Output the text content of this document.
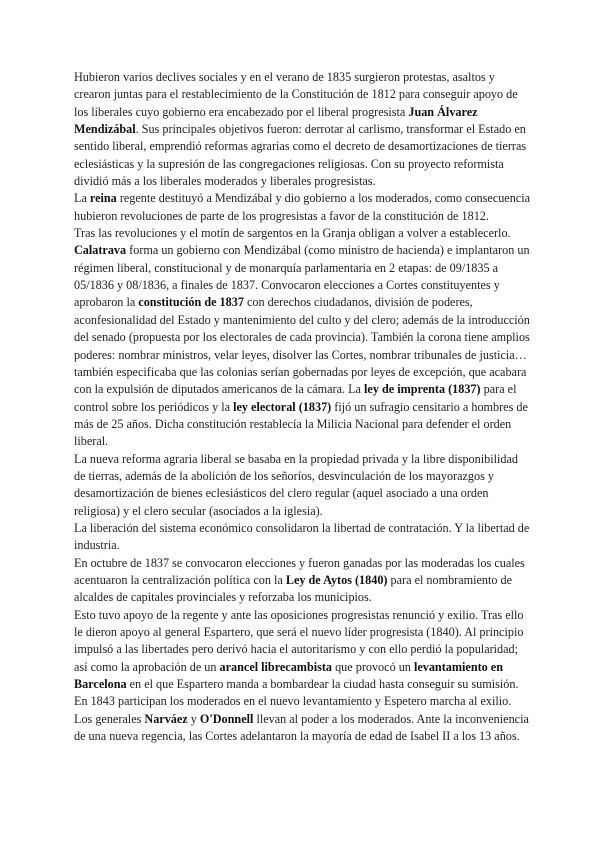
Hubieron varios declives sociales y en el verano de 1835 surgieron protestas, asaltos y crearon juntas para el restablecimiento de la Constitución de 1812 para conseguir apoyo de los liberales cuyo gobierno era encabezado por el liberal progresista Juan Álvarez Mendizábal. Sus principales objetivos fueron: derrotar al carlismo, transformar el Estado en sentido liberal, emprendió reformas agrarias como el decreto de desamortizaciones de tierras eclesiásticas y la supresión de las congregaciones religiosas. Con su proyecto reformista dividió más a los liberales moderados y liberales progresistas.

La reina regente destituyó a Mendizábal y dio gobierno a los moderados, como consecuencia hubieron revoluciones de parte de los progresistas a favor de la constitución de 1812.

Tras las revoluciones y el motín de sargentos en la Granja obligan a volver a establecerlo. Calatrava forma un gobierno con Mendizábal (como ministro de hacienda) e implantaron un régimen liberal, constitucional y de monarquía parlamentaria en 2 etapas: de 09/1835 a 05/1836 y 08/1836, a finales de 1837. Convocaron elecciones a Cortes constituyentes y aprobaron la constitución de 1837 con derechos ciudadanos, división de poderes, aconfesionalidad del Estado y mantenimiento del culto y del clero; además de la introducción del senado (propuesta por los electorales de cada provincia). También la corona tiene amplios poderes: nombrar ministros, velar leyes, disolver las Cortes, nombrar tribunales de justicia… también especificaba que las colonias serían gobernadas por leyes de excepción, que acabara con la expulsión de diputados americanos de la cámara. La ley de imprenta (1837) para el control sobre los periódicos y la ley electoral (1837) fijó un sufragio censitario a hombres de más de 25 años. Dicha constitución restablecía la Milicia Nacional para defender el orden liberal.

La nueva reforma agraria liberal se basaba en la propiedad privada y la libre disponibilidad de tierras, además de la abolición de los señoríos, desvinculación de los mayorazgos y desamortización de bienes eclesiásticos del clero regular (aquel asociado a una orden religiosa) y el clero secular (asociados a la iglesia).

La liberación del sistema económico consolidaron la libertad de contratación. Y la libertad de industria.

En octubre de 1837 se convocaron elecciones y fueron ganadas por las moderadas los cuales acentuaron la centralización política con la Ley de Aytos (1840) para el nombramiento de alcaldes de capitales provinciales y reforzaba los municipios.

Esto tuvo apoyo de la regente y ante las oposiciones progresistas renunció y exilio. Tras ello le dieron apoyo al general Espartero, que será el nuevo líder progresista (1840). Al principio impulsó a las libertades pero derivó hacia el autoritarismo y con ello perdió la popularidad; así como la aprobación de un arancel librecambista que provocó un levantamiento en Barcelona en el que Espartero manda a bombardear la ciudad hasta conseguir su sumisión.

En 1843 participan los moderados en el nuevo levantamiento y Espetero marcha al exilio. Los generales Narváez y O'Donnell llevan al poder a los moderados. Ante la inconveniencia de una nueva regencia, las Cortes adelantaron la mayoría de edad de Isabel II a los 13 años.
